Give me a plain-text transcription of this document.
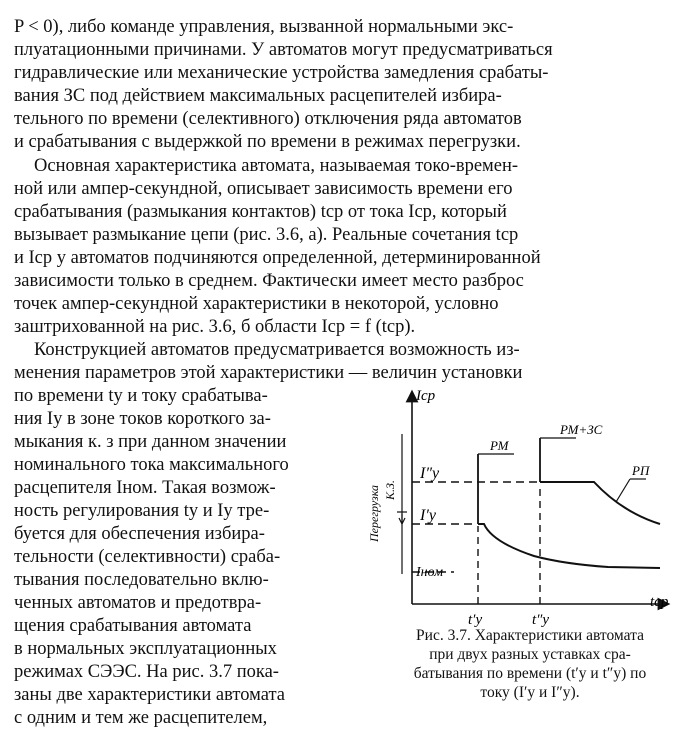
P < 0), либо команде управления, вызванной нормальными экс-
плуатационными причинами. У автоматов могут предусматриваться
гидравлические или механические устройства замедления срабаты-
вания ЗС под действием максимальных расцепителей избира-
тельного по времени (селективного) отключения ряда автоматов
и срабатывания с выдержкой по времени в режимах перегрузки.
Основная характеристика автомата, называемая токо-времен-
ной или ампер-секундной, описывает зависимость времени его
срабатывания (размыкания контактов) tср от тока Iср, который
вызывает размыкание цепи (рис. 3.6, а). Реальные сочетания tср
и Iср у автоматов подчиняются определенной, детерминированной
зависимости только в среднем. Фактически имеет место разброс
точек ампер-секундной характеристики в некоторой, условно
заштрихованной на рис. 3.6, б области Iср = f (tср).
Конструкцией автоматов предусматривается возможность из-
менения параметров этой характеристики — величин установки
по времени tу и току срабатыва-
ния Iу в зоне токов короткого за-
мыкания к. з при данном значении
номинального тока максимального
расцепителя Iном. Такая возмож-
ность регулирования tу и Iу тре-
буется для обеспечения избира-
тельности (селективности) сраба-
тывания последовательно вклю-
ченных автоматов и предотвра-
щения срабатывания автомата
в нормальных эксплуатационных
режимах СЭЭС. На рис. 3.7 пока-
заны две характеристики автомата
с одним и тем же расцепителем,
Iср
tср
РМ
РМ+ЗС
РП
I″у
I′у
Iном
t′у	t″у
Перегрузка К.З.
Рис. 3.7. Характеристики автомата
при двух разных уставках сра-
батывания по времени (t′у и t″у) по
току (I′у и I″у).
